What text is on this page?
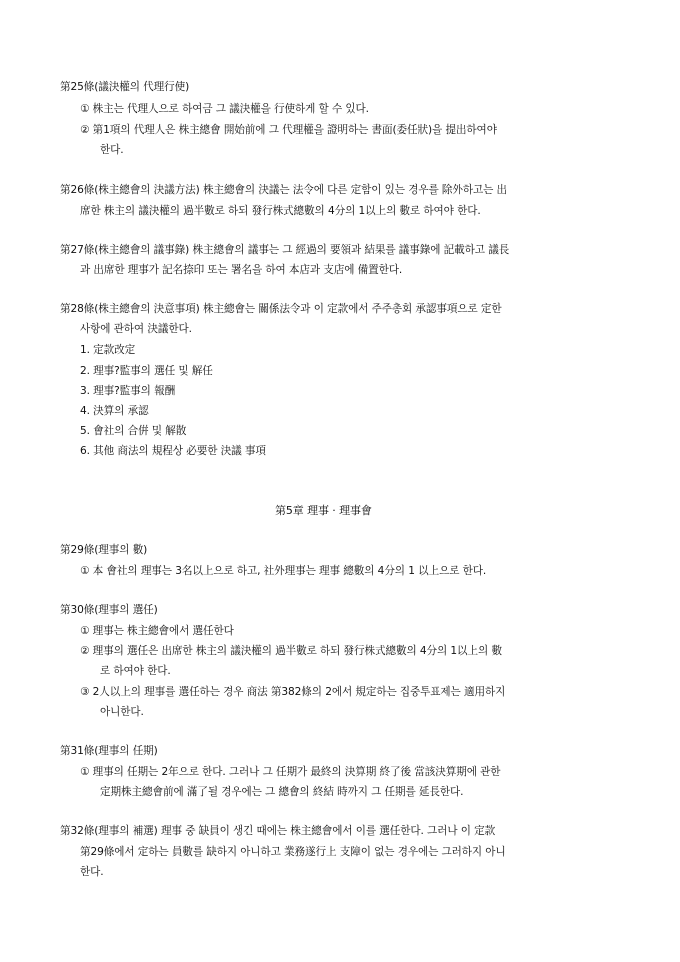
第25條(議決權의 代理行使)
① 株主는 代理人으로 하여금 그 議決權을 行使하게 할 수 있다.
② 第1項의 代理人은 株主總會 開始前에 그 代理權을 證明하는 書面(委任狀)을 提出하여야
한다.
第26條(株主總會의 決議方法) 株主總會의 決議는 法令에 다른 定함이 있는 경우를 除外하고는 出
席한 株主의 議決權의 過半數로 하되 發行株式總數의 4分의 1以上의 數로 하여야 한다.
第27條(株主總會의 議事錄) 株主總會의 議事는 그 經過의 要領과 結果를 議事錄에 記載하고 議長
과 出席한 理事가 記名捺印 또는 署名을 하여 本店과 支店에 備置한다.
第28條(株主總會의 決意事項) 株主總會는 關係法令과 이 定款에서 주주총회 承認事項으로 定한
사항에 관하여 決議한다.
1. 定款改定
2. 理事?監事의 選任 및 解任
3. 理事?監事의 報酬
4. 決算의 承認
5. 會社의 合倂 및 解散
6. 其他 商法의 規程상 必要한 決議 事項
第5章 理事 · 理事會
第29條(理事의 數)
① 本 會社의 理事는 3名以上으로 하고, 社外理事는 理事 總數의 4分의 1 以上으로 한다.
第30條(理事의 選任)
① 理事는 株主總會에서 選任한다
② 理事의 選任은 出席한 株主의 議決權의 過半數로 하되 發行株式總數의 4分의 1以上의 數
로 하여야 한다.
③ 2人以上의 理事를 選任하는 경우 商法 第382條의 2에서 規定하는 집중투표제는 適用하지
아니한다.
第31條(理事의 任期)
① 理事의 任期는 2年으로 한다. 그러나 그 任期가 最終의 決算期 終了後 當該決算期에 관한
定期株主總會前에 滿了될 경우에는 그 總會의 終結 時까지 그 任期를 延長한다.
第32條(理事의 補選) 理事 중 缺員이 생긴 때에는 株主總會에서 이를 選任한다. 그러나 이 定款
第29條에서 定하는 員數를 缺하지 아니하고 業務遂行上 支障이 없는 경우에는 그러하지 아니
한다.
